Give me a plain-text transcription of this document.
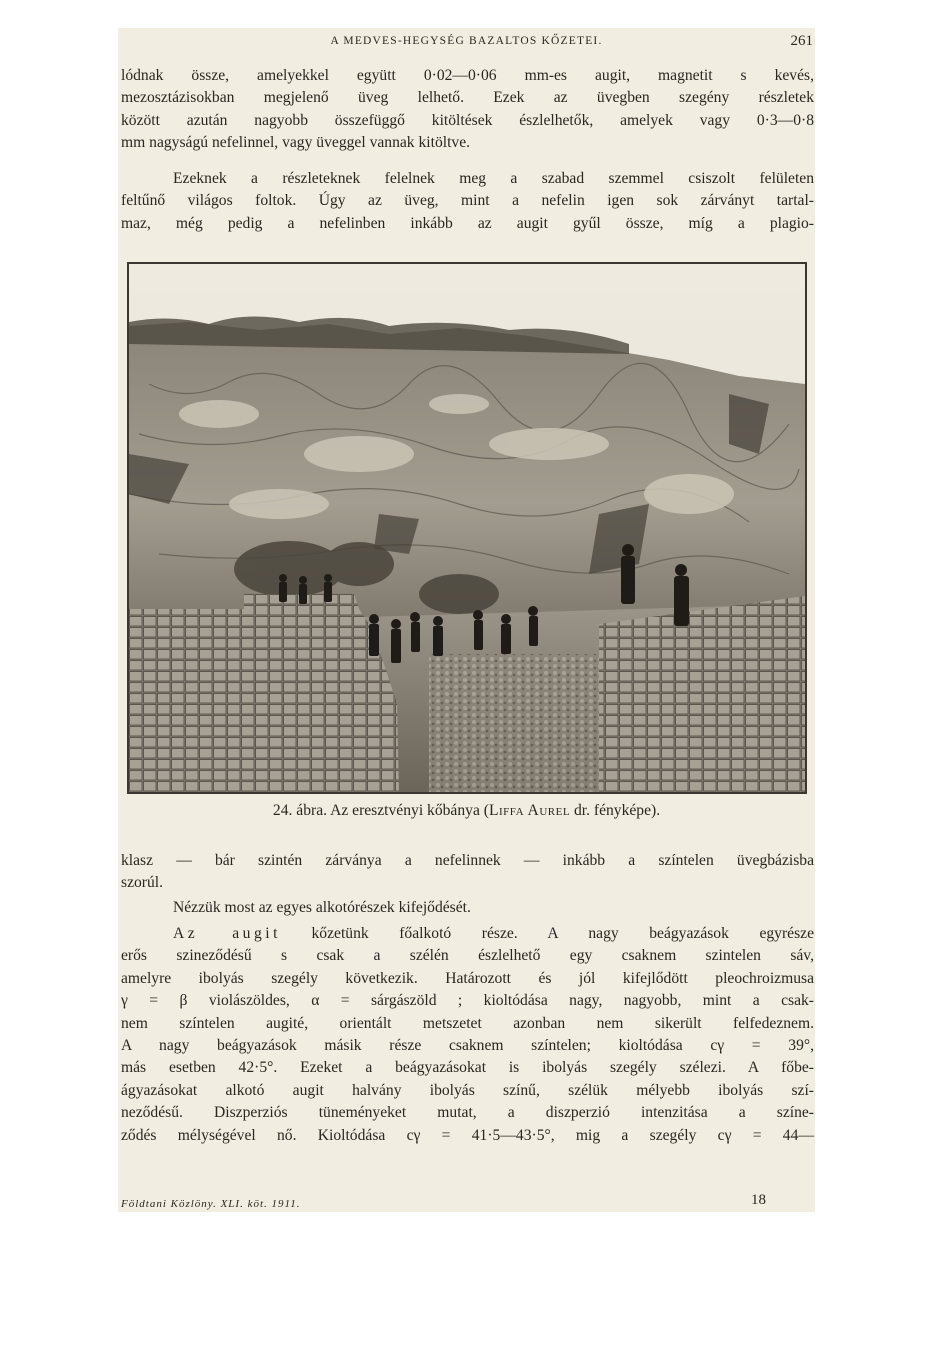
A MEDVES-HEGYSÉG BAZALTOS KŐZETEI.	261
lódnak össze, amelyekkel együtt 0·02—0·06 mm-es augit, magnetit s kevés,
mezosztázisokban megjelenő üveg lelhető. Ezek az üvegben szegény részletek
között azután nagyobb összefüggő kitöltések észlelhetők, amelyek vagy 0·3—0·8
mm nagyságú nefelinnel, vagy üveggel vannak kitöltve.
Ezeknek a részleteknek felelnek meg a szabad szemmel csiszolt felületen
feltűnő világos foltok. Úgy az üveg, mint a nefelin igen sok zárványt tartal-
maz, még pedig a nefelinben inkább az augit gyűl össze, míg a plagio-
24. ábra. Az eresztvényi kőbánya (Liffa Aurel dr. fényképe).
klasz — bár szintén zárványa a nefelinnek — inkább a színtelen üvegbázisba
szorúl.
Nézzük most az egyes alkotórészek kifejődését.
Az augit kőzetünk főalkotó része. A nagy beágyazások egyrésze
erős szineződésű s csak a szélén észlelhető egy csaknem szintelen sáv,
amelyre ibolyás szegély következik. Határozott és jól kifejlődött pleochroizmusa
γ = β violászöldes, α = sárgászöld ; kioltódása nagy, nagyobb, mint a csak-
nem színtelen augité, orientált metszetet azonban nem sikerült felfedeznem.
A nagy beágyazások másik része csaknem színtelen; kioltódása cγ = 39°,
más esetben 42·5°. Ezeket a beágyazásokat is ibolyás szegély szélezi. A főbe-
ágyazásokat alkotó augit halvány ibolyás színű, szélük mélyebb ibolyás szí-
neződésű. Diszperziós tüneményeket mutat, a diszperzió intenzitása a színe-
ződés mélységével nő. Kioltódása cγ = 41·5—43·5°, mig a szegély cγ = 44—
Földtani Közlöny. XLI. köt. 1911.	18
